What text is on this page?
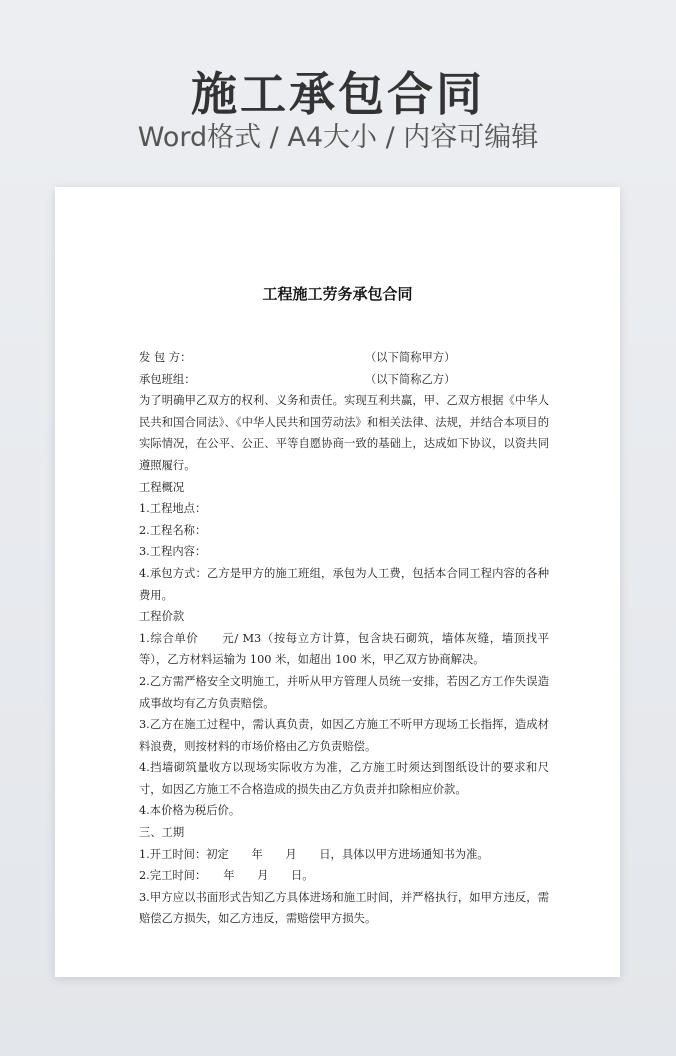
施工承包合同
Word格式 / A4大小 / 内容可编辑
工程施工劳务承包合同
发 包 方：	（以下简称甲方）
承包班组：	（以下简称乙方）
为了明确甲乙双方的权利、义务和责任。实现互利共赢，甲、乙双方根据《中华人民共和国合同法》、《中华人民共和国劳动法》和相关法律、法规，并结合本项目的实际情况，在公平、公正、平等自愿协商一致的基础上，达成如下协议，以资共同遵照履行。
工程概况
1.工程地点：
2.工程名称：
3.工程内容：
4.承包方式：乙方是甲方的施工班组，承包为人工费，包括本合同工程内容的各种费用。
工程价款
1.综合单价　　元/ M3（按每立方计算，包含块石砌筑，墙体灰缝，墙顶找平等），乙方材料运输为 100 米，如超出 100 米，甲乙双方协商解决。
2.乙方需严格安全文明施工，并听从甲方管理人员统一安排，若因乙方工作失误造成事故均有乙方负责赔偿。
3.乙方在施工过程中，需认真负责，如因乙方施工不听甲方现场工长指挥，造成材料浪费，则按材料的市场价格由乙方负责赔偿。
4.挡墙砌筑量收方以现场实际收方为准，乙方施工时须达到图纸设计的要求和尺寸，如因乙方施工不合格造成的损失由乙方负责并扣除相应价款。
4.本价格为税后价。
三、工期
1.开工时间：初定　　年　　月　　日，具体以甲方进场通知书为准。
2.完工时间：　　年　　月　　日。
3.甲方应以书面形式告知乙方具体进场和施工时间，并严格执行，如甲方违反，需赔偿乙方损失，如乙方违反，需赔偿甲方损失。
